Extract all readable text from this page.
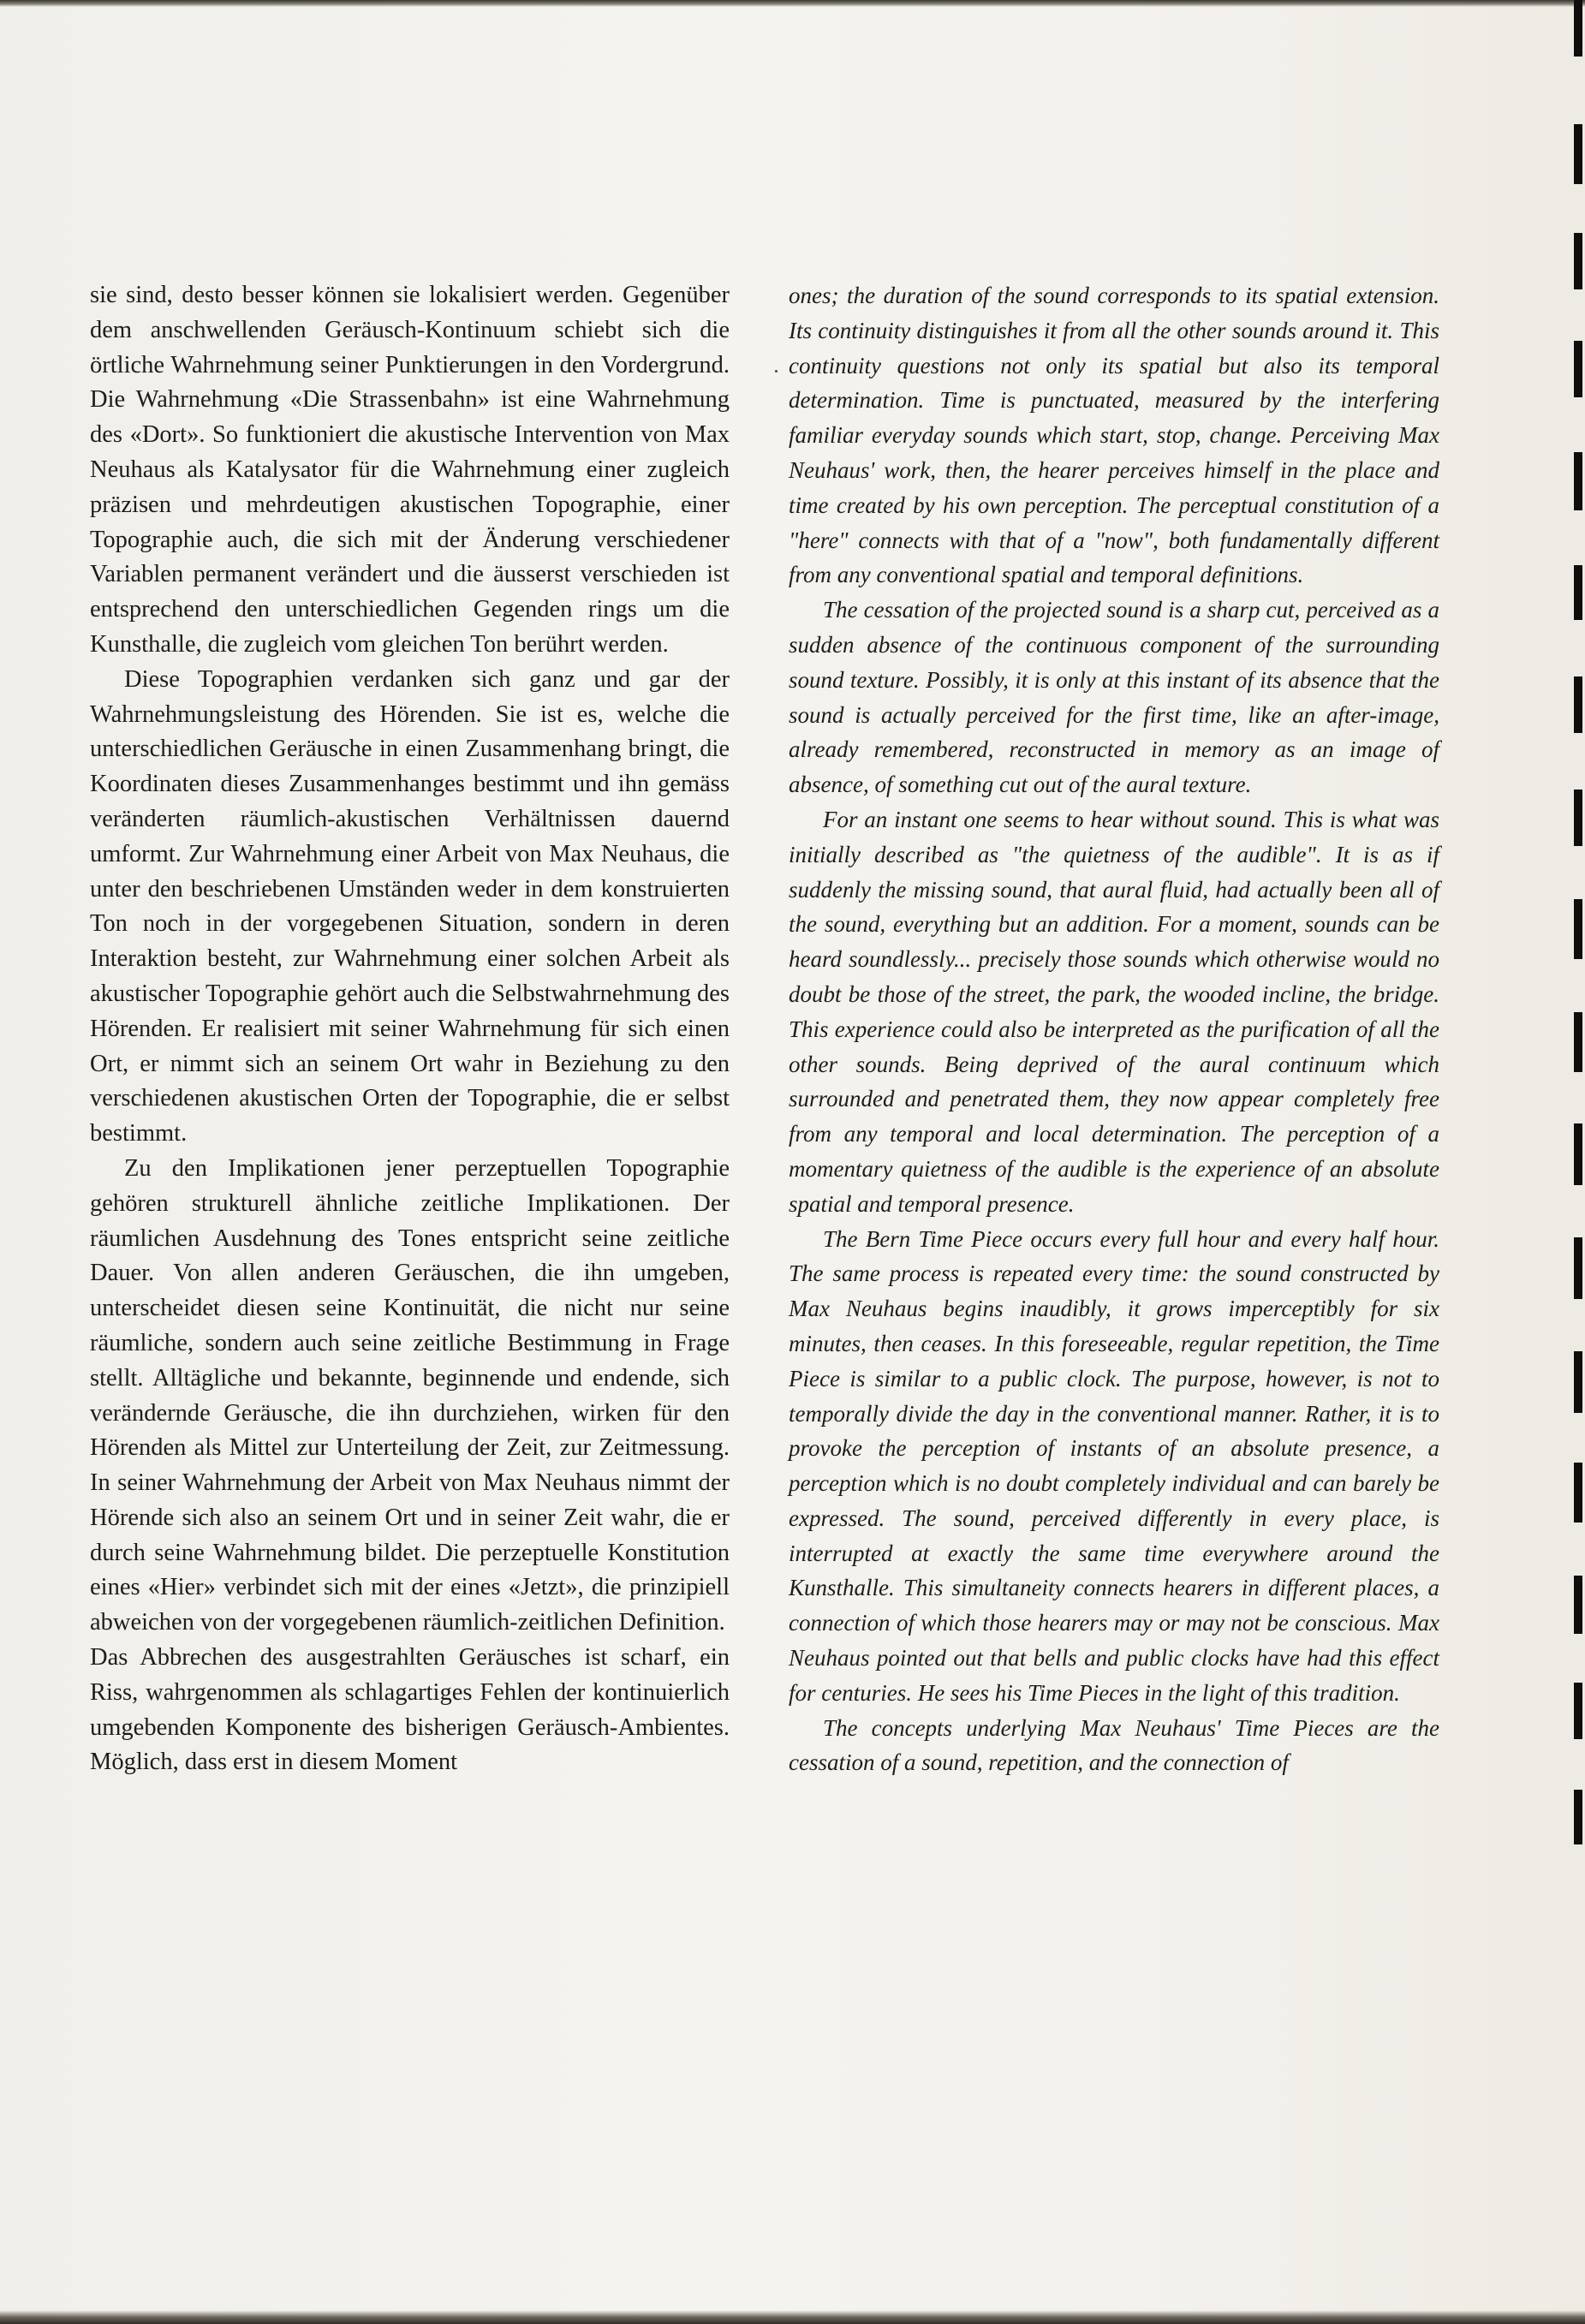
sie sind, desto besser können sie lokalisiert werden. Gegenüber dem anschwellenden Geräusch-Kontinuum schiebt sich die örtliche Wahrnehmung seiner Punktierungen in den Vordergrund. Die Wahrnehmung «Die Strassenbahn» ist eine Wahrnehmung des «Dort». So funktioniert die akustische Intervention von Max Neuhaus als Katalysator für die Wahrnehmung einer zugleich präzisen und mehrdeutigen akustischen Topographie, einer Topographie auch, die sich mit der Änderung verschiedener Variablen permanent verändert und die äusserst verschieden ist entsprechend den unterschiedlichen Gegenden rings um die Kunsthalle, die zugleich vom gleichen Ton berührt werden.

Diese Topographien verdanken sich ganz und gar der Wahrnehmungsleistung des Hörenden. Sie ist es, welche die unterschiedlichen Geräusche in einen Zusammenhang bringt, die Koordinaten dieses Zusammenhanges bestimmt und ihn gemäss veränderten räumlich-akustischen Verhältnissen dauernd umformt. Zur Wahrnehmung einer Arbeit von Max Neuhaus, die unter den beschriebenen Umständen weder in dem konstruierten Ton noch in der vorgegebenen Situation, sondern in deren Interaktion besteht, zur Wahrnehmung einer solchen Arbeit als akustischer Topographie gehört auch die Selbstwahrnehmung des Hörenden. Er realisiert mit seiner Wahrnehmung für sich einen Ort, er nimmt sich an seinem Ort wahr in Beziehung zu den verschiedenen akustischen Orten der Topographie, die er selbst bestimmt.

Zu den Implikationen jener perzeptuellen Topographie gehören strukturell ähnliche zeitliche Implikationen. Der räumlichen Ausdehnung des Tones entspricht seine zeitliche Dauer. Von allen anderen Geräuschen, die ihn umgeben, unterscheidet diesen seine Kontinuität, die nicht nur seine räumliche, sondern auch seine zeitliche Bestimmung in Frage stellt. Alltägliche und bekannte, beginnende und endende, sich verändernde Geräusche, die ihn durchziehen, wirken für den Hörenden als Mittel zur Unterteilung der Zeit, zur Zeitmessung. In seiner Wahrnehmung der Arbeit von Max Neuhaus nimmt der Hörende sich also an seinem Ort und in seiner Zeit wahr, die er durch seine Wahrnehmung bildet. Die perzeptuelle Konstitution eines «Hier» verbindet sich mit der eines «Jetzt», die prinzipiell abweichen von der vorgegebenen räumlich-zeitlichen Definition.

Das Abbrechen des ausgestrahlten Geräusches ist scharf, ein Riss, wahrgenommen als schlagartiges Fehlen der kontinuierlich umgebenden Komponente des bisherigen Geräusch-Ambientes. Möglich, dass erst in diesem Moment

ones; the duration of the sound corresponds to its spatial extension. Its continuity distinguishes it from all the other sounds around it. This continuity questions not only its spatial but also its temporal determination. Time is punctuated, measured by the interfering familiar everyday sounds which start, stop, change. Perceiving Max Neuhaus' work, then, the hearer perceives himself in the place and time created by his own perception. The perceptual constitution of a "here" connects with that of a "now", both fundamentally different from any conventional spatial and temporal definitions.

The cessation of the projected sound is a sharp cut, perceived as a sudden absence of the continuous component of the surrounding sound texture. Possibly, it is only at this instant of its absence that the sound is actually perceived for the first time, like an after-image, already remembered, reconstructed in memory as an image of absence, of something cut out of the aural texture.

For an instant one seems to hear without sound. This is what was initially described as "the quietness of the audible". It is as if suddenly the missing sound, that aural fluid, had actually been all of the sound, everything but an addition. For a moment, sounds can be heard soundlessly... precisely those sounds which otherwise would no doubt be those of the street, the park, the wooded incline, the bridge. This experience could also be interpreted as the purification of all the other sounds. Being deprived of the aural continuum which surrounded and penetrated them, they now appear completely free from any temporal and local determination. The perception of a momentary quietness of the audible is the experience of an absolute spatial and temporal presence.

The Bern Time Piece occurs every full hour and every half hour. The same process is repeated every time: the sound constructed by Max Neuhaus begins inaudibly, it grows imperceptibly for six minutes, then ceases. In this foreseeable, regular repetition, the Time Piece is similar to a public clock. The purpose, however, is not to temporally divide the day in the conventional manner. Rather, it is to provoke the perception of instants of an absolute presence, a perception which is no doubt completely individual and can barely be expressed. The sound, perceived differently in every place, is interrupted at exactly the same time everywhere around the Kunsthalle. This simultaneity connects hearers in different places, a connection of which those hearers may or may not be conscious. Max Neuhaus pointed out that bells and public clocks have had this effect for centuries. He sees his Time Pieces in the light of this tradition.

The concepts underlying Max Neuhaus' Time Pieces are the cessation of a sound, repetition, and the connection of
